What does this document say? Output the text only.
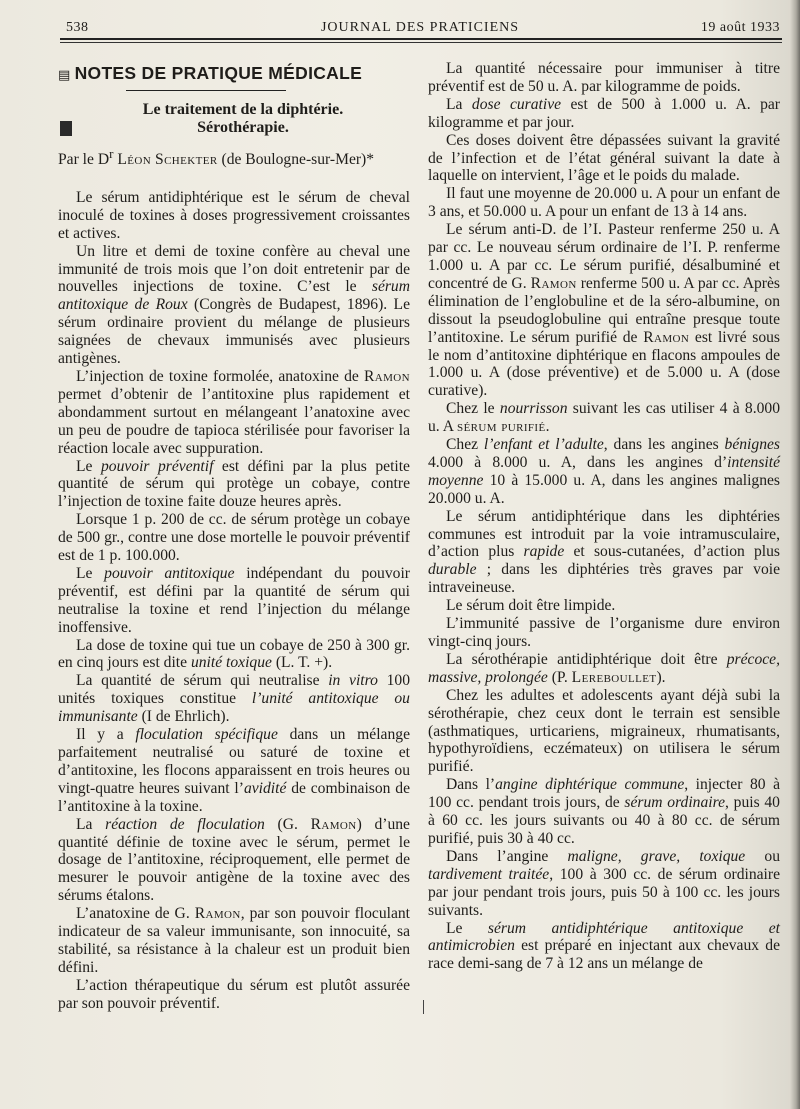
538	JOURNAL DES PRATICIENS	19 août 1933
▤ NOTES DE PRATIQUE MÉDICALE

Le traitement de la diphtérie.

Sérothérapie.

Par le $D^r$ Léon Schekter (de Boulogne-sur-Mer)*

Le sérum antidiphtérique est le sérum de cheval inoculé de toxines à doses progressivement croissantes et actives.

Un litre et demi de toxine confère au cheval une immunité de trois mois que l’on doit entretenir par de nouvelles injections de toxine. C’est le sérum antitoxique de Roux (Congrès de Budapest, 1896). Le sérum ordinaire provient du mélange de plusieurs saignées de chevaux immunisés avec plusieurs antigènes.

L’injection de toxine formolée, anatoxine de Ramon permet d’obtenir de l’antitoxine plus rapidement et abondamment surtout en mélangeant l’anatoxine avec un peu de poudre de tapioca stérilisée pour favoriser la réaction locale avec suppuration.

Le pouvoir préventif est défini par la plus petite quantité de sérum qui protège un cobaye, contre l’injection de toxine faite douze heures après.

Lorsque 1 p. 200 de cc. de sérum protège un cobaye de 500 gr., contre une dose mortelle le pouvoir préventif est de 1 p. 100.000.

Le pouvoir antitoxique indépendant du pouvoir préventif, est défini par la quantité de sérum qui neutralise la toxine et rend l’injection du mélange inoffensive.

La dose de toxine qui tue un cobaye de 250 à 300 gr. en cinq jours est dite unité toxique (L. T. +).

La quantité de sérum qui neutralise in vitro 100 unités toxiques constitue l’unité antitoxique ou immunisante (I de Ehrlich).

Il y a floculation spécifique dans un mélange parfaitement neutralisé ou saturé de toxine et d’antitoxine, les flocons apparaissent en trois heures ou vingt-quatre heures suivant l’avidité de combinaison de l’antitoxine à la toxine.

La réaction de floculation (G. Ramon) d’une quantité définie de toxine avec le sérum, permet le dosage de l’antitoxine, réciproquement, elle permet de mesurer le pouvoir antigène de la toxine avec des sérums étalons.

L’anatoxine de G. Ramon, par son pouvoir floculant indicateur de sa valeur immunisante, son innocuité, sa stabilité, sa résistance à la chaleur est un produit bien défini.

L’action thérapeutique du sérum est plutôt assurée par son pouvoir préventif.

La quantité nécessaire pour immuniser à titre préventif est de 50 u. A. par kilogramme de poids.

La dose curative est de 500 à 1.000 u. A. par kilogramme et par jour.

Ces doses doivent être dépassées suivant la gravité de l’infection et de l’état général suivant la date à laquelle on intervient, l’âge et le poids du malade.

Il faut une moyenne de 20.000 u. A pour un enfant de 3 ans, et 50.000 u. A pour un enfant de 13 à 14 ans.

Le sérum anti-D. de l’I. Pasteur renferme 250 u. A par cc. Le nouveau sérum ordinaire de l’I. P. renferme 1.000 u. A par cc. Le sérum purifié, désalbuminé et concentré de G. Ramon renferme 500 u. A par cc. Après élimination de l’englobuline et de la séro-albumine, on dissout la pseudoglobuline qui entraîne presque toute l’antitoxine. Le sérum purifié de Ramon est livré sous le nom d’antitoxine diphtérique en flacons ampoules de 1.000 u. A (dose préventive) et de 5.000 u. A (dose curative).

Chez le nourrisson suivant les cas utiliser 4 à 8.000 u. A sérum purifié.

Chez l’enfant et l’adulte, dans les angines bénignes 4.000 à 8.000 u. A, dans les angines d’intensité moyenne 10 à 15.000 u. A, dans les angines malignes 20.000 u. A.

Le sérum antidiphtérique dans les diphtéries communes est introduit par la voie intramusculaire, d’action plus rapide et sous-cutanées, d’action plus durable ; dans les diphtéries très graves par voie intraveineuse.

Le sérum doit être limpide.

L’immunité passive de l’organisme dure environ vingt-cinq jours.

La sérothérapie antidiphtérique doit être précoce, massive, prolongée (P. Lereboullet).

Chez les adultes et adolescents ayant déjà subi la sérothérapie, chez ceux dont le terrain est sensible (asthmatiques, urticariens, migraineux, rhumatisants, hypothyroïdiens, eczémateux) on utilisera le sérum purifié.

Dans l’angine diphtérique commune, injecter 80 à 100 cc. pendant trois jours, de sérum ordinaire, puis 40 à 60 cc. les jours suivants ou 40 à 80 cc. de sérum purifié, puis 30 à 40 cc.

Dans l’angine maligne, grave, toxique ou tardivement traitée, 100 à 300 cc. de sérum ordinaire par jour pendant trois jours, puis 50 à 100 cc. les jours suivants.

Le sérum antidiphtérique antitoxique et antimicrobien est préparé en injectant aux chevaux de race demi-sang de 7 à 12 ans un mélange de
